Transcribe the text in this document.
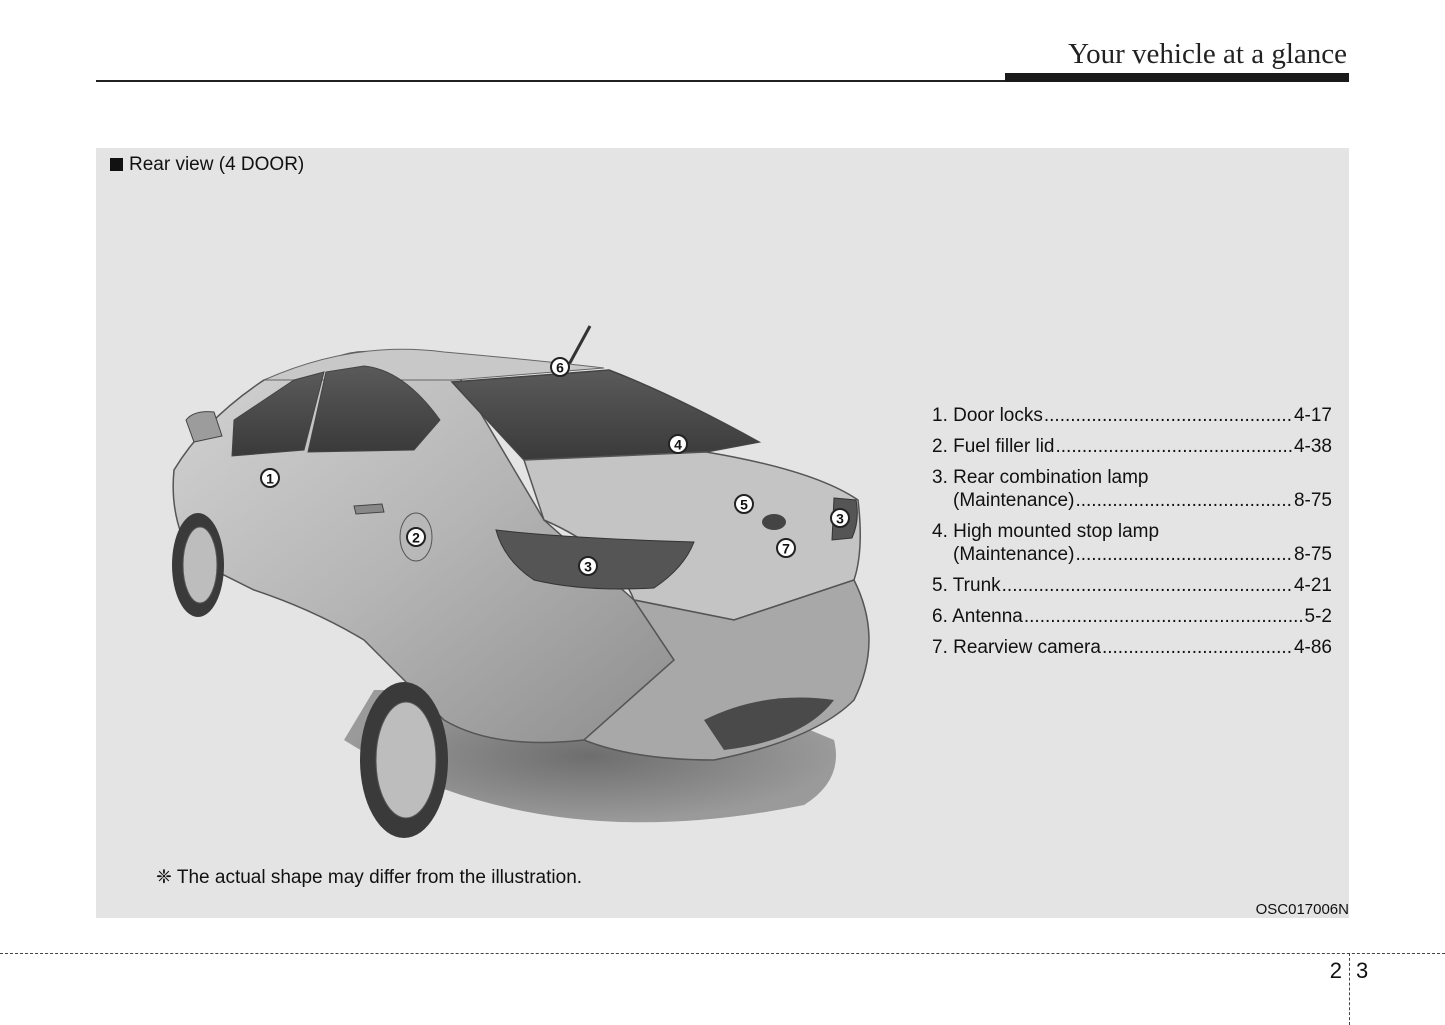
Your vehicle at a glance
Rear view (4 DOOR)
1
2
3
3
4
5
6
7
1. Door locks .....	4-17
2. Fuel filler lid .....	4-38
3. Rear combination lamp
(Maintenance) .....	8-75
4. High mounted stop lamp
(Maintenance) .....	8-75
5. Trunk .....	4-21
6. Antenna .....	5-2
7. Rearview camera .....	4-86
❈ The actual shape may differ from the illustration.
OSC017006N
2 3
